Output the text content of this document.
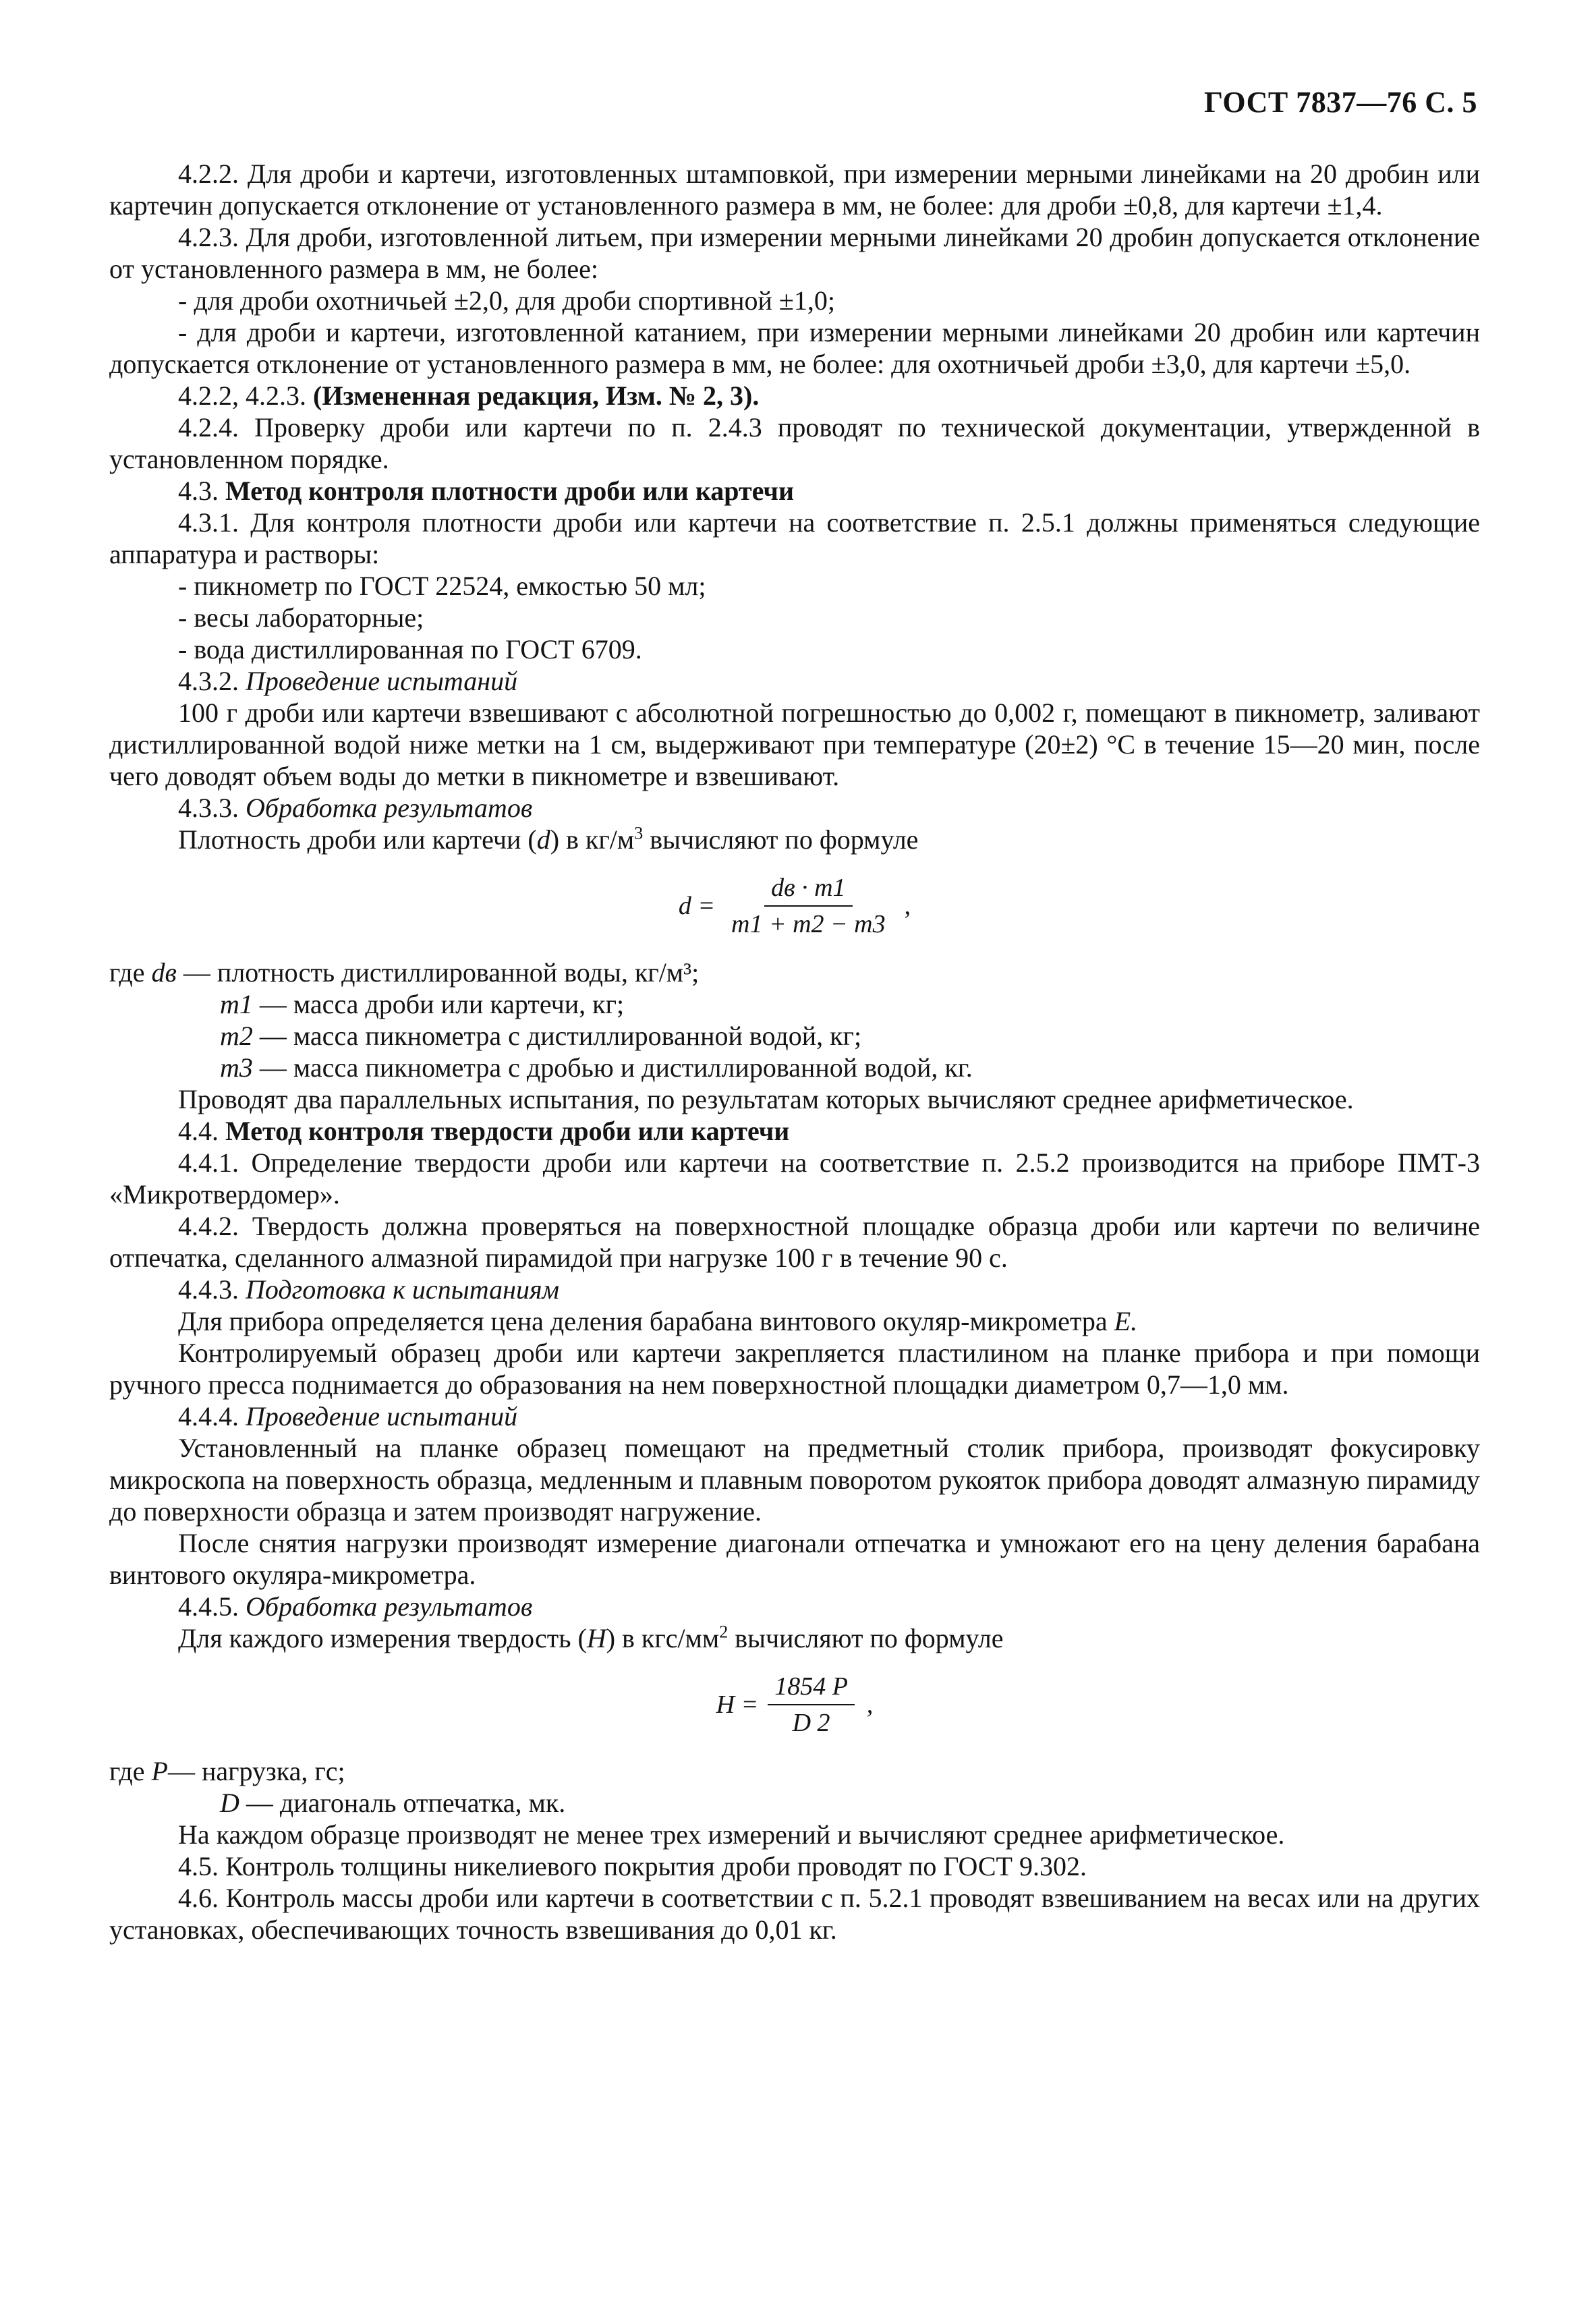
ГОСТ 7837—76 С. 5

4.2.2. Для дроби и картечи, изготовленных штамповкой, при измерении мерными линейками на 20 дробин или картечин допускается отклонение от установленного размера в мм, не более: для дроби ±0,8, для картечи ±1,4.

4.2.3. Для дроби, изготовленной литьем, при измерении мерными линейками 20 дробин допускается отклонение от установленного размера в мм, не более:

- для дроби охотничьей ±2,0, для дроби спортивной ±1,0;

- для дроби и картечи, изготовленной катанием, при измерении мерными линейками 20 дробин или картечин допускается отклонение от установленного размера в мм, не более: для охотничьей дроби ±3,0, для картечи ±5,0.

4.2.2, 4.2.3. (Измененная редакция, Изм. № 2, 3).

4.2.4. Проверку дроби или картечи по п. 2.4.3 проводят по технической документации, утвержденной в установленном порядке.

4.3. Метод контроля плотности дроби или картечи

4.3.1. Для контроля плотности дроби или картечи на соответствие п. 2.5.1 должны применяться следующие аппаратура и растворы:

- пикнометр по ГОСТ 22524, емкостью 50 мл;

- весы лабораторные;

- вода дистиллированная по ГОСТ 6709.

4.3.2. Проведение испытаний

100 г дроби или картечи взвешивают с абсолютной погрешностью до 0,002 г, помещают в пикнометр, заливают дистиллированной водой ниже метки на 1 см, выдерживают при температуре (20±2) °С в течение 15—20 мин, после чего доводят объем воды до метки в пикнометре и взвешивают.

4.3.3. Обработка результатов

Плотность дроби или картечи (d) в $кг/м^3$ вычисляют по формуле

$d = \frac{dв \cdot m1}{m1 + m2 - m3}$ ,

где dв — плотность дистиллированной воды, кг/м³;

m1 — масса дроби или картечи, кг;

m2 — масса пикнометра с дистиллированной водой, кг;

m3 — масса пикнометра с дробью и дистиллированной водой, кг.

Проводят два параллельных испытания, по результатам которых вычисляют среднее арифметическое.

4.4. Метод контроля твердости дроби или картечи

4.4.1. Определение твердости дроби или картечи на соответствие п. 2.5.2 производится на приборе ПМТ-3 «Микротвердомер».

4.4.2. Твердость должна проверяться на поверхностной площадке образца дроби или картечи по величине отпечатка, сделанного алмазной пирамидой при нагрузке 100 г в течение 90 с.

4.4.3. Подготовка к испытаниям

Для прибора определяется цена деления барабана винтового окуляр-микрометра Е.

Контролируемый образец дроби или картечи закрепляется пластилином на планке прибора и при помощи ручного пресса поднимается до образования на нем поверхностной площадки диаметром 0,7—1,0 мм.

4.4.4. Проведение испытаний

Установленный на планке образец помещают на предметный столик прибора, производят фокусировку микроскопа на поверхность образца, медленным и плавным поворотом рукояток прибора доводят алмазную пирамиду до поверхности образца и затем производят нагружение.

После снятия нагрузки производят измерение диагонали отпечатка и умножают его на цену деления барабана винтового окуляра-микрометра.

4.4.5. Обработка результатов

Для каждого измерения твердость (H) в кгс/$мм^2$ вычисляют по формуле

$H = \frac{1854 P}{D 2}$ ,

где P— нагрузка, гс;

D — диагональ отпечатка, мк.

На каждом образце производят не менее трех измерений и вычисляют среднее арифметическое.

4.5. Контроль толщины никелиевого покрытия дроби проводят по ГОСТ 9.302.

4.6. Контроль массы дроби или картечи в соответствии с п. 5.2.1 проводят взвешиванием на весах или на других установках, обеспечивающих точность взвешивания до 0,01 кг.
